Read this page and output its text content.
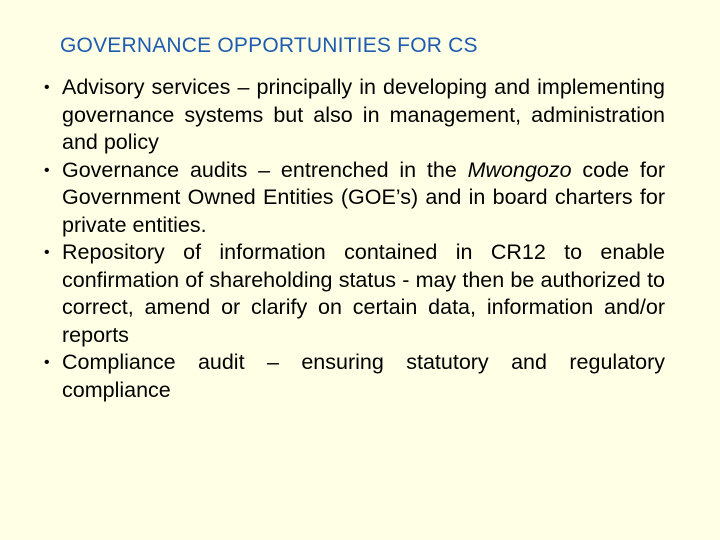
GOVERNANCE OPPORTUNITIES FOR CS
• Advisory services – principally in developing and implementing governance systems but also in management, administration and policy
• Governance audits – entrenched in the Mwongozo code for Government Owned Entities (GOE’s) and in board charters for private entities.
• Repository of information contained in CR12 to enable confirmation of shareholding status - may then be authorized to correct, amend or clarify on certain data, information and/or reports
• Compliance audit – ensuring statutory and regulatory compliance
